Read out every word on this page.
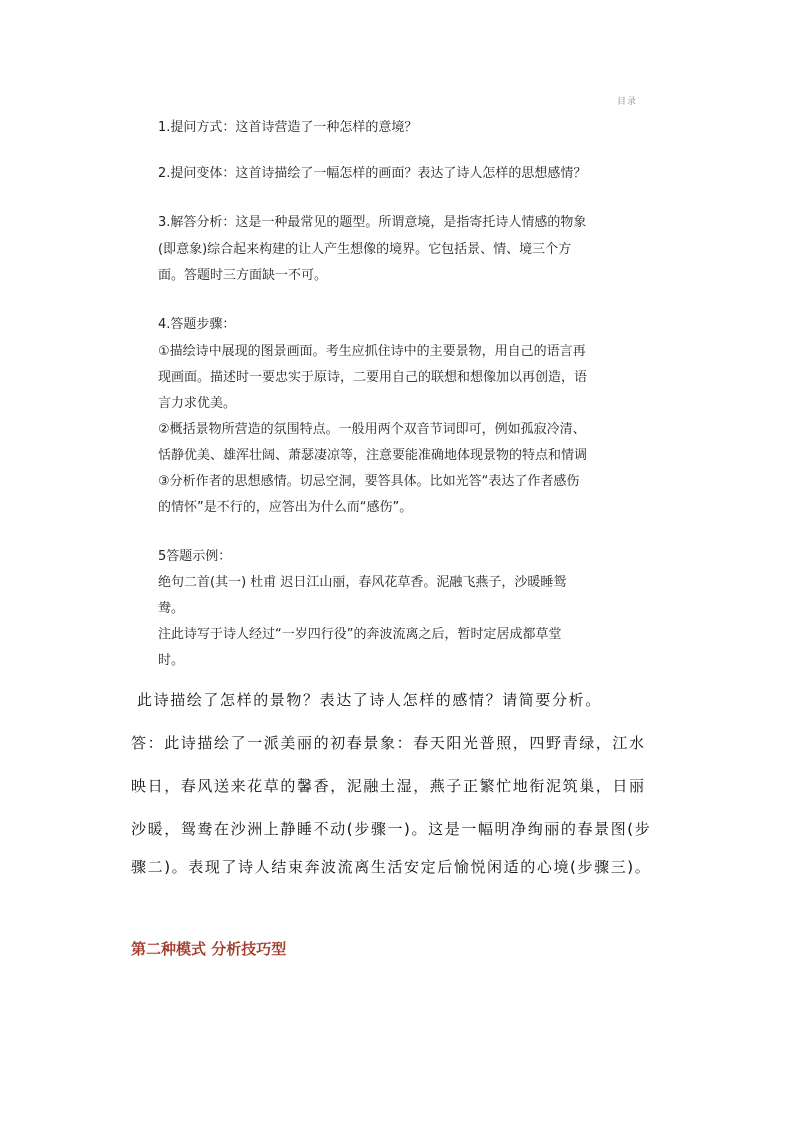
目录
1.提问方式：这首诗营造了一种怎样的意境？
2.提问变体：这首诗描绘了一幅怎样的画面？表达了诗人怎样的思想感情？
3.解答分析：这是一种最常见的题型。所谓意境，是指寄托诗人情感的物象
(即意象)综合起来构建的让人产生想像的境界。它包括景、情、境三个方
面。答题时三方面缺一不可。
4.答题步骤：
①描绘诗中展现的图景画面。考生应抓住诗中的主要景物，用自己的语言再
现画面。描述时一要忠实于原诗，二要用自己的联想和想像加以再创造，语
言力求优美。
②概括景物所营造的氛围特点。一般用两个双音节词即可，例如孤寂冷清、
恬静优美、雄浑壮阔、萧瑟凄凉等，注意要能准确地体现景物的特点和情调
③分析作者的思想感情。切忌空洞，要答具体。比如光答“表达了作者感伤
的情怀”是不行的，应答出为什么而“感伤”。
5答题示例：
绝句二首(其一) 杜甫 迟日江山丽，春风花草香。泥融飞燕子，沙暖睡鸳
鸯。
注此诗写于诗人经过“一岁四行役”的奔波流离之后，暂时定居成都草堂
时。
此诗描绘了怎样的景物？表达了诗人怎样的感情？请简要分析。
答：此诗描绘了一派美丽的初春景象：春天阳光普照，四野青绿，江水
映日，春风送来花草的馨香，泥融土湿，燕子正繁忙地衔泥筑巢，日丽
沙暖，鸳鸯在沙洲上静睡不动(步骤一)。这是一幅明净绚丽的春景图(步
骤二)。表现了诗人结束奔波流离生活安定后愉悦闲适的心境(步骤三)。
第二种模式 分析技巧型
